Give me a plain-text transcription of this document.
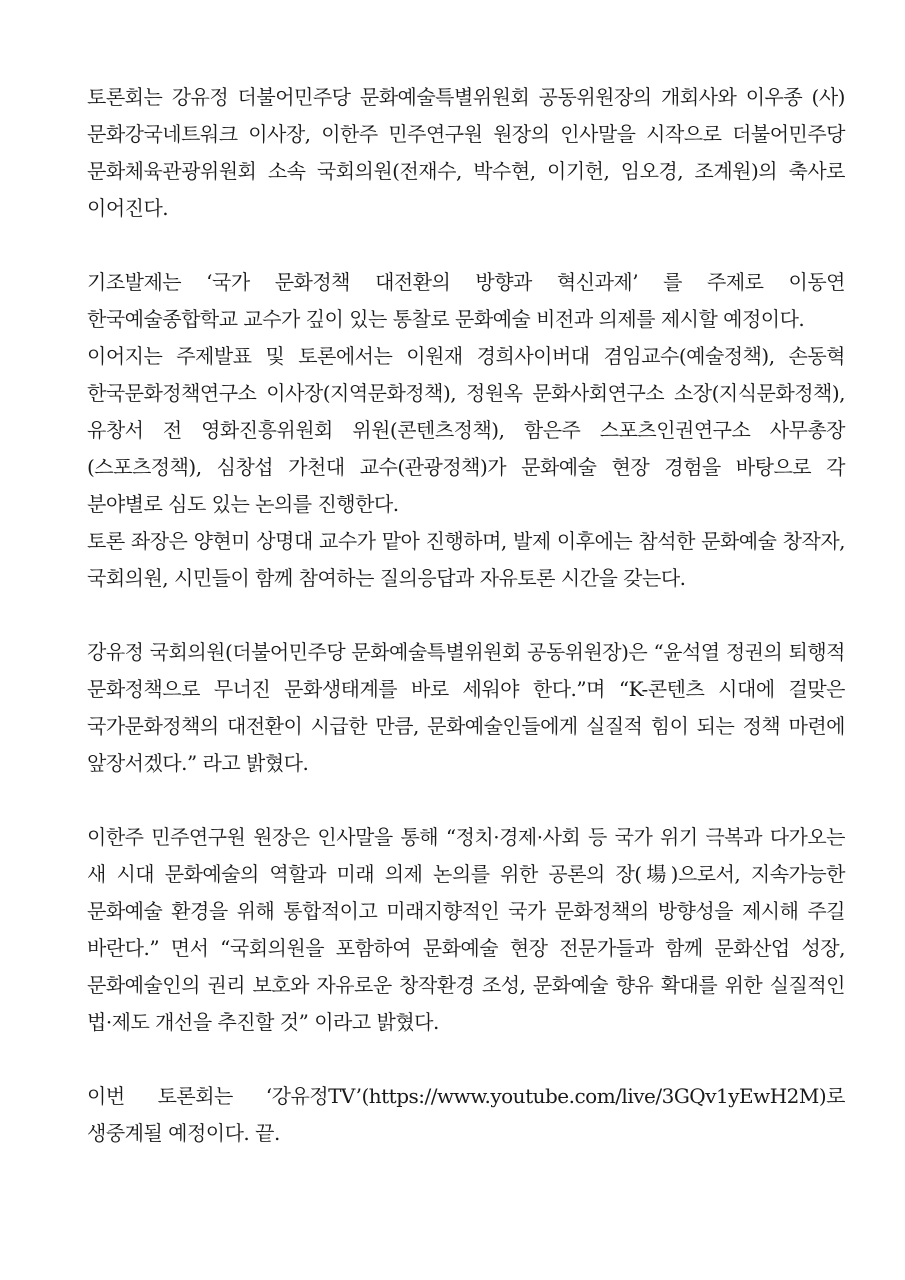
토론회는 강유정 더불어민주당 문화예술특별위원회 공동위원장의 개회사와 이우종 (사)문화강국네트워크 이사장, 이한주 민주연구원 원장의 인사말을 시작으로 더불어민주당 문화체육관광위원회 소속 국회의원(전재수, 박수현, 이기헌, 임오경, 조계원)의 축사로 이어진다.

기조발제는 ‘국가 문화정책 대전환의 방향과 혁신과제’ 를 주제로 이동연 한국예술종합학교 교수가 깊이 있는 통찰로 문화예술 비전과 의제를 제시할 예정이다.

이어지는 주제발표 및 토론에서는 이원재 경희사이버대 겸임교수(예술정책), 손동혁 한국문화정책연구소 이사장(지역문화정책), 정원옥 문화사회연구소 소장(지식문화정책), 유창서 전 영화진흥위원회 위원(콘텐츠정책), 함은주 스포츠인권연구소 사무총장(스포츠정책), 심창섭 가천대 교수(관광정책)가 문화예술 현장 경험을 바탕으로 각 분야별로 심도 있는 논의를 진행한다.

토론 좌장은 양현미 상명대 교수가 맡아 진행하며, 발제 이후에는 참석한 문화예술 창작자, 국회의원, 시민들이 함께 참여하는 질의응답과 자유토론 시간을 갖는다.

강유정 국회의원(더불어민주당 문화예술특별위원회 공동위원장)은 “윤석열 정권의 퇴행적 문화정책으로 무너진 문화생태계를 바로 세워야 한다.”며 “K-콘텐츠 시대에 걸맞은 국가문화정책의 대전환이 시급한 만큼, 문화예술인들에게 실질적 힘이 되는 정책 마련에 앞장서겠다.” 라고 밝혔다.

이한주 민주연구원 원장은 인사말을 통해 “정치·경제·사회 등 국가 위기 극복과 다가오는 새 시대 문화예술의 역할과 미래 의제 논의를 위한 공론의 장(場)으로서, 지속가능한 문화예술 환경을 위해 통합적이고 미래지향적인 국가 문화정책의 방향성을 제시해 주길 바란다.” 면서 “국회의원을 포함하여 문화예술 현장 전문가들과 함께 문화산업 성장, 문화예술인의 권리 보호와 자유로운 창작환경 조성, 문화예술 향유 확대를 위한 실질적인 법·제도 개선을 추진할 것” 이라고 밝혔다.

이번 토론회는 ‘강유정TV’(https://www.youtube.com/live/3GQv1yEwH2M)로 생중계될 예정이다. 끝.
